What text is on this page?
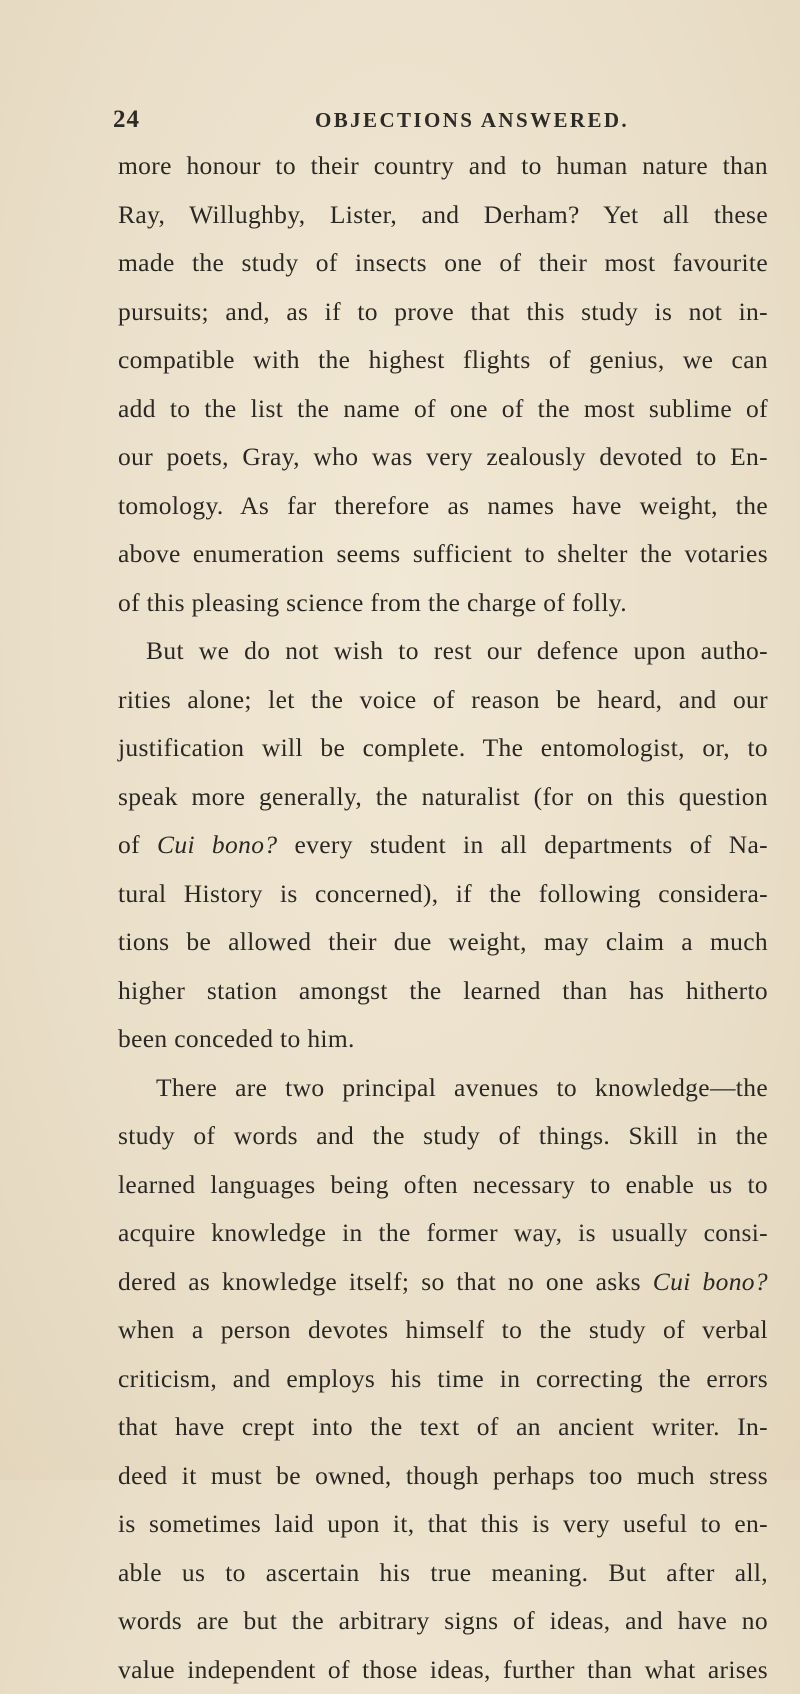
24	OBJECTIONS ANSWERED.
more honour to their country and to human nature than
Ray, Willughby, Lister, and Derham? Yet all these
made the study of insects one of their most favourite
pursuits; and, as if to prove that this study is not in-
compatible with the highest flights of genius, we can
add to the list the name of one of the most sublime of
our poets, Gray, who was very zealously devoted to En-
tomology. As far therefore as names have weight, the
above enumeration seems sufficient to shelter the votaries
of this pleasing science from the charge of folly.
But we do not wish to rest our defence upon autho-
rities alone; let the voice of reason be heard, and our
justification will be complete. The entomologist, or, to
speak more generally, the naturalist (for on this question
of Cui bono? every student in all departments of Na-
tural History is concerned), if the following considera-
tions be allowed their due weight, may claim a much
higher station amongst the learned than has hitherto
been conceded to him.
There are two principal avenues to knowledge—the
study of words and the study of things. Skill in the
learned languages being often necessary to enable us to
acquire knowledge in the former way, is usually consi-
dered as knowledge itself; so that no one asks Cui bono?
when a person devotes himself to the study of verbal
criticism, and employs his time in correcting the errors
that have crept into the text of an ancient writer. In-
deed it must be owned, though perhaps too much stress
is sometimes laid upon it, that this is very useful to en-
able us to ascertain his true meaning. But after all,
words are but the arbitrary signs of ideas, and have no
value independent of those ideas, further than what arises
